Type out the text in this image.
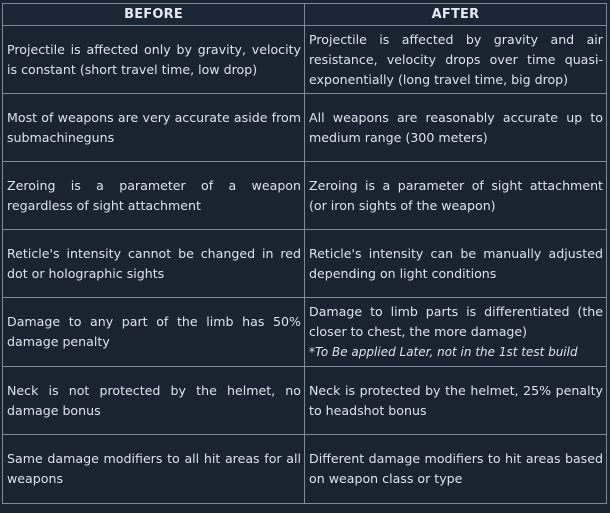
BEFORE	AFTER
Projectile is affected only by gravity, velocity is constant (short travel time, low drop)	Projectile is affected by gravity and air resistance, velocity drops over time quasi-exponentially (long travel time, big drop)
Most of weapons are very accurate aside from submachineguns	All weapons are reasonably accurate up to medium range (300 meters)
Zeroing is a parameter of a weapon regardless of sight attachment	Zeroing is a parameter of sight attachment (or iron sights of the weapon)
Reticle's intensity cannot be changed in red dot or holographic sights	Reticle's intensity can be manually adjusted depending on light conditions
Damage to any part of the limb has 50% damage penalty	Damage to limb parts is differentiated (the closer to chest, the more damage)
*To Be applied Later, not in the 1st test build

Neck is not protected by the helmet, no damage bonus	Neck is protected by the helmet, 25% penalty to headshot bonus
Same damage modifiers to all hit areas for all weapons	Different damage modifiers to hit areas based on weapon class or type
